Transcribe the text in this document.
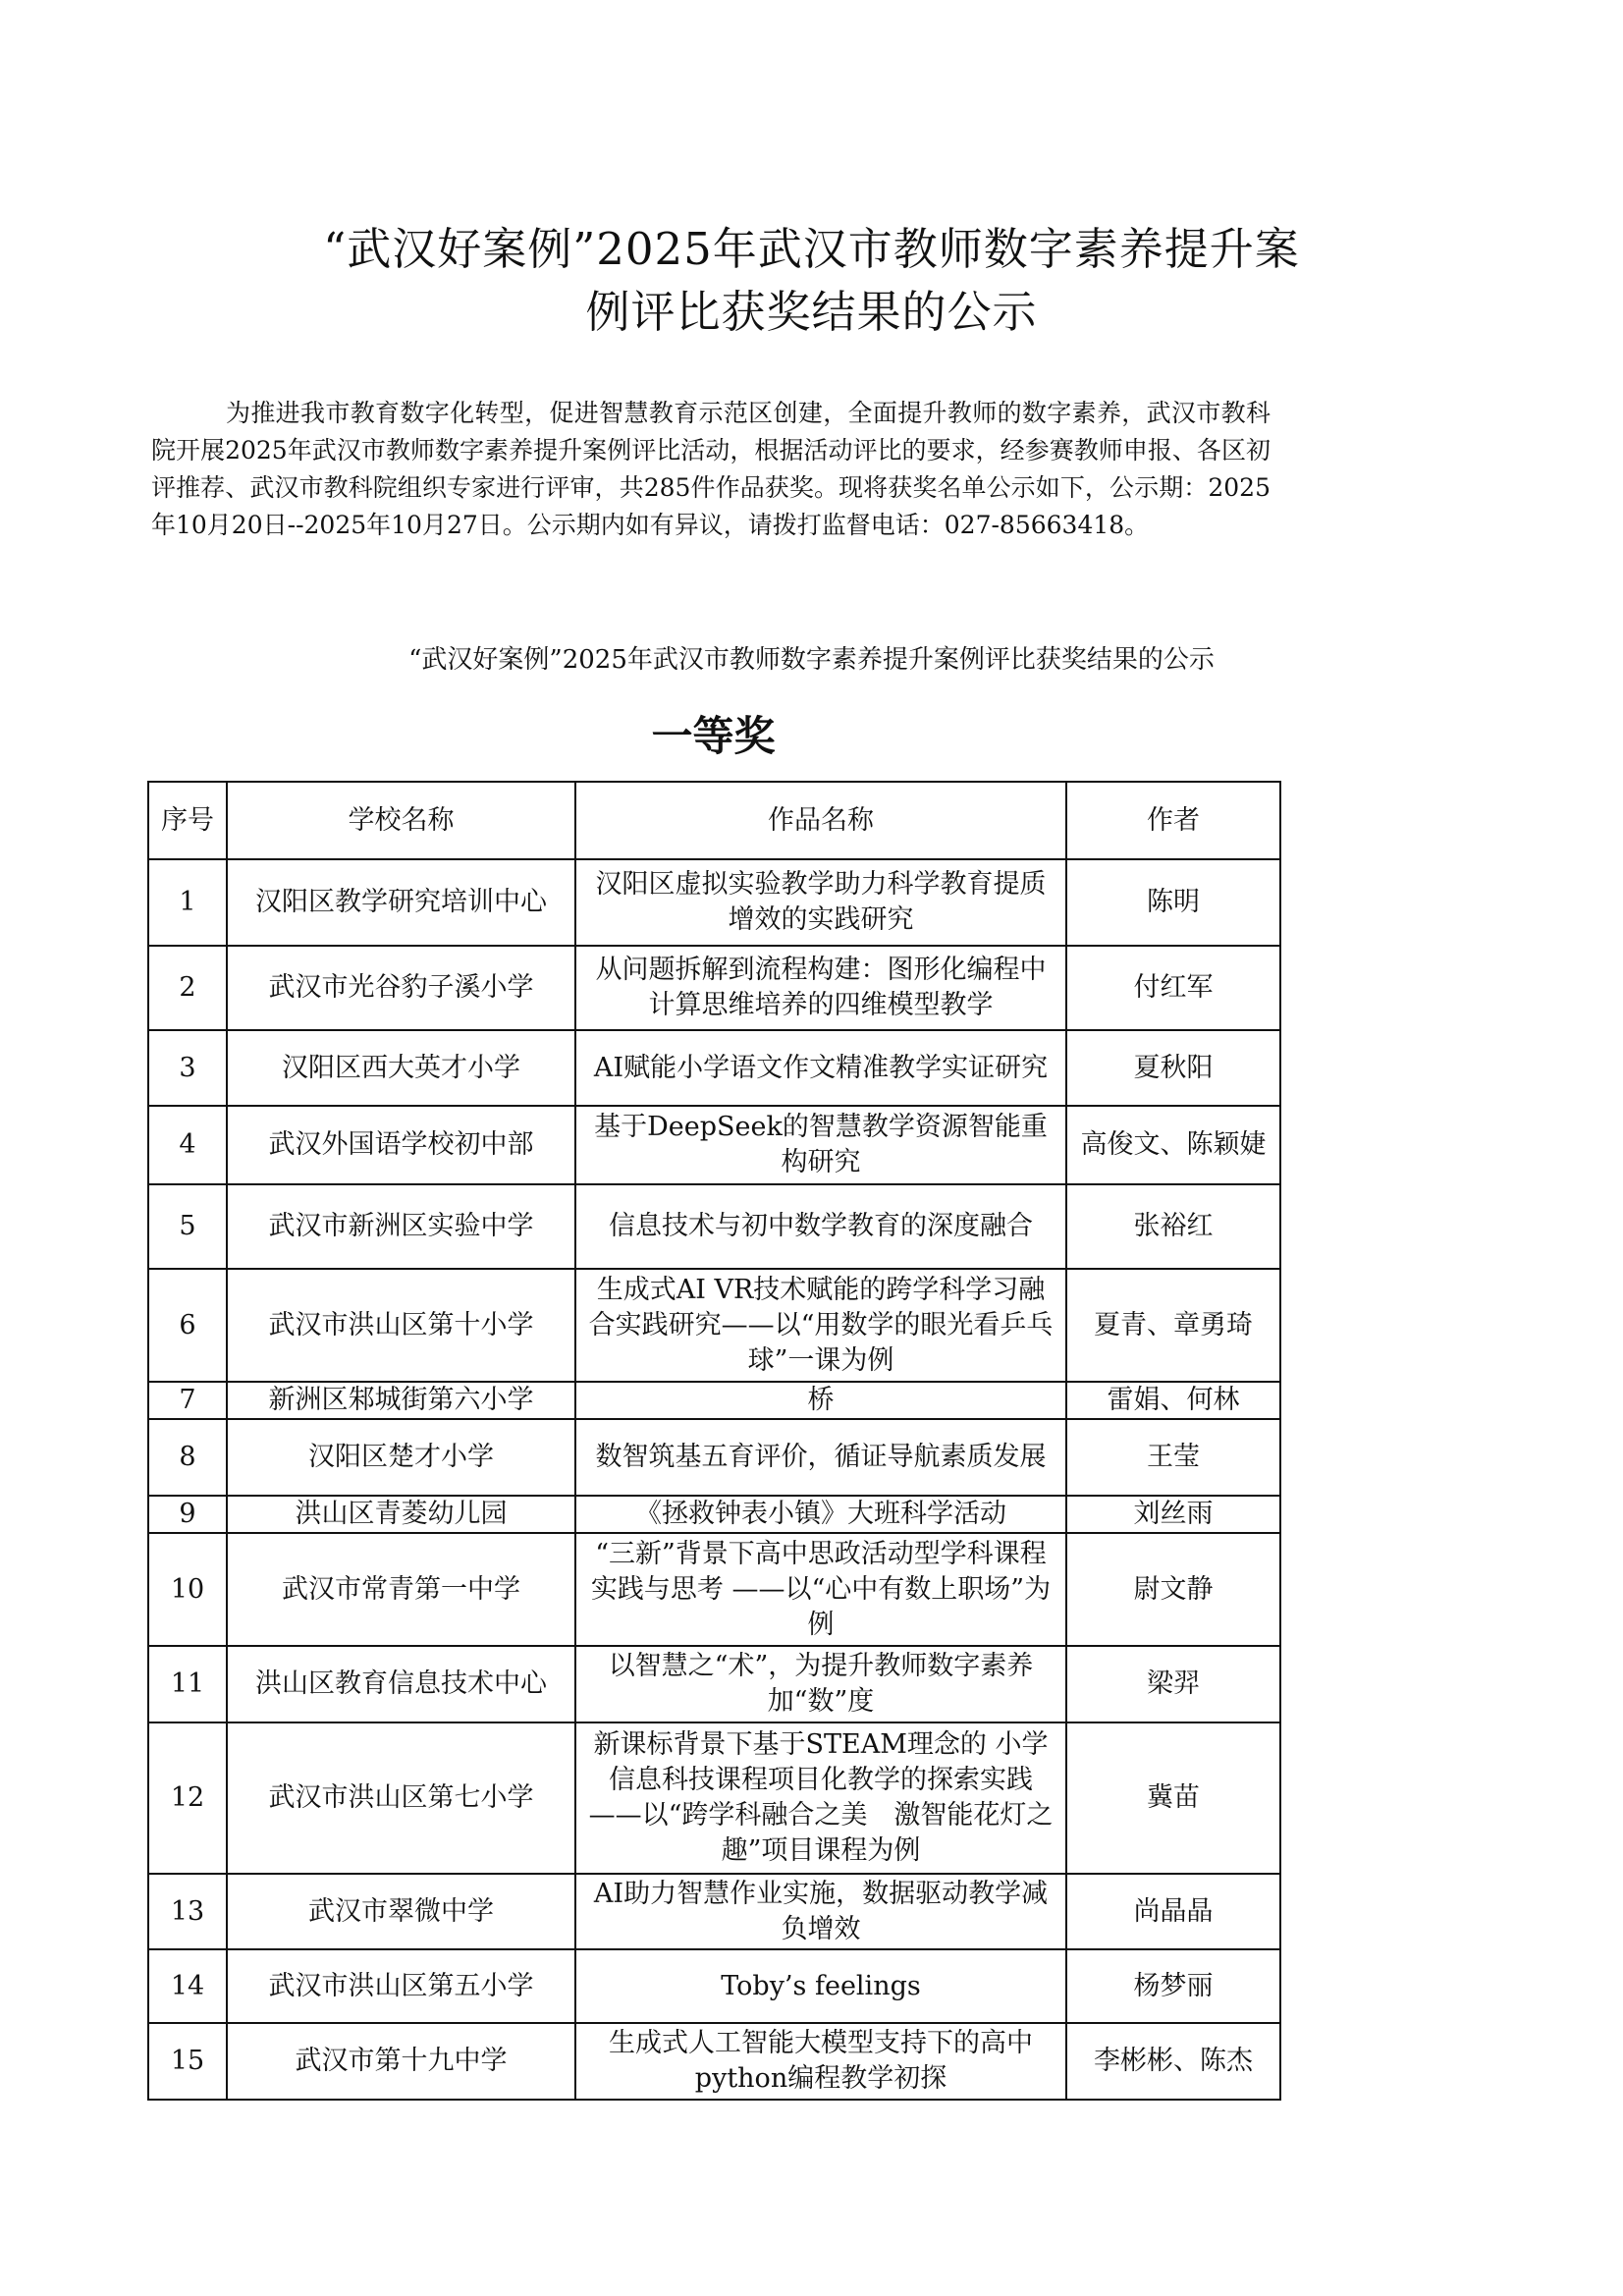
“武汉好案例”2025年武汉市教师数字素养提升案
例评比获奖结果的公示
为推进我市教育数字化转型，促进智慧教育示范区创建，全面提升教师的数字素养，武汉市教科院开展2025年武汉市教师数字素养提升案例评比活动，根据活动评比的要求，经参赛教师申报、各区初评推荐、武汉市教科院组织专家进行评审，共285件作品获奖。现将获奖名单公示如下，公示期：2025年10月20日--2025年10月27日。公示期内如有异议，请拨打监督电话：027-85663418。
“武汉好案例”2025年武汉市教师数字素养提升案例评比获奖结果的公示
一等奖
序号	学校名称	作品名称	作者
1	汉阳区教学研究培训中心	汉阳区虚拟实验教学助力科学教育提质增效的实践研究	陈明
2	武汉市光谷豹子溪小学	从问题拆解到流程构建：图形化编程中计算思维培养的四维模型教学	付红军
3	汉阳区西大英才小学	AI赋能小学语文作文精准教学实证研究	夏秋阳
4	武汉外国语学校初中部	基于DeepSeek的智慧教学资源智能重构研究	高俊文、陈颖婕
5	武汉市新洲区实验中学	信息技术与初中数学教育的深度融合	张裕红
6	武汉市洪山区第十小学	生成式AI VR技术赋能的跨学科学习融合实践研究——以“用数学的眼光看乒乓球”一课为例	夏青、章勇琦
7	新洲区邾城街第六小学	桥	雷娟、何林
8	汉阳区楚才小学	数智筑基五育评价，循证导航素质发展	王莹
9	洪山区青菱幼儿园	《拯救钟表小镇》大班科学活动	刘丝雨
10	武汉市常青第一中学	“三新”背景下高中思政活动型学科课程实践与思考 ——以“心中有数上职场”为例	尉文静
11	洪山区教育信息技术中心	以智慧之“术”，为提升教师数字素养加“数”度	梁羿
12	武汉市洪山区第七小学	新课标背景下基于STEAM理念的 小学信息科技课程项目化教学的探索实践 ——以“跨学科融合之美　激智能花灯之趣”项目课程为例	冀苗
13	武汉市翠微中学	AI助力智慧作业实施，数据驱动教学减负增效	尚晶晶
14	武汉市洪山区第五小学	Toby’s feelings	杨梦丽
15	武汉市第十九中学	生成式人工智能大模型支持下的高中python编程教学初探	李彬彬、陈杰
